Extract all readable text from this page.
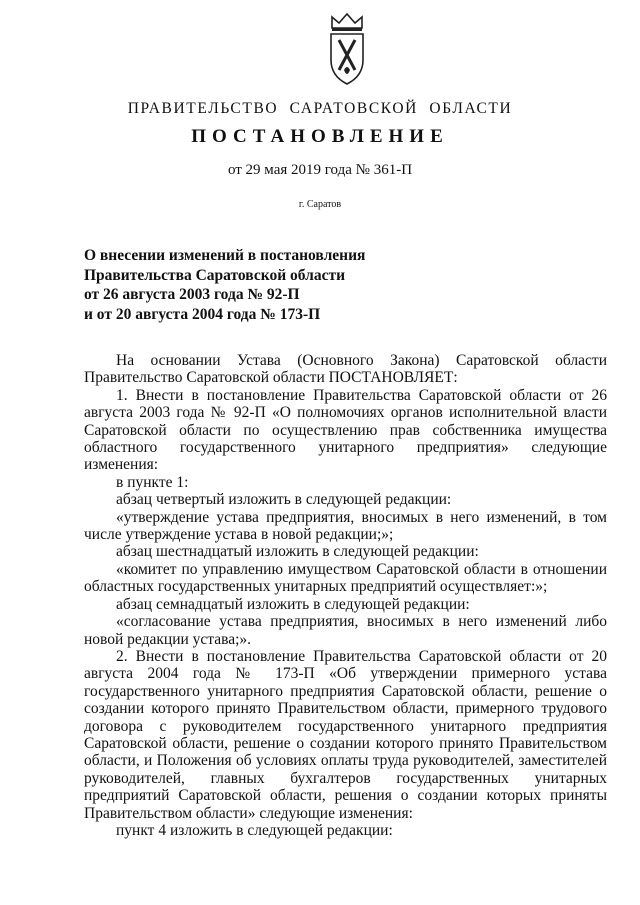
ПРАВИТЕЛЬСТВО САРАТОВСКОЙ ОБЛАСТИ
ПОСТАНОВЛЕНИЕ
от 29 мая 2019 года № 361-П
г. Саратов
О внесении изменений в постановления
Правительства Саратовской области
от 26 августа 2003 года № 92-П
и от 20 августа 2004 года № 173-П

На основании Устава (Основного Закона) Саратовской области Правительство Саратовской области ПОСТАНОВЛЯЕТ:

1. Внести в постановление Правительства Саратовской области от 26 августа 2003 года № 92-П «О полномочиях органов исполнительной власти Саратовской области по осуществлению прав собственника имущества областного государственного унитарного предприятия» следующие изменения:

в пункте 1:

абзац четвертый изложить в следующей редакции:

«утверждение устава предприятия, вносимых в него изменений, в том числе утверждение устава в новой редакции;»;

абзац шестнадцатый изложить в следующей редакции:

«комитет по управлению имуществом Саратовской области в отношении областных государственных унитарных предприятий осуществляет:»;

абзац семнадцатый изложить в следующей редакции:

«согласование устава предприятия, вносимых в него изменений либо новой редакции устава;».

2. Внести в постановление Правительства Саратовской области от 20 августа 2004 года № 173-П «Об утверждении примерного устава государственного унитарного предприятия Саратовской области, решение о создании которого принято Правительством области, примерного трудового договора с руководителем государственного унитарного предприятия Саратовской области, решение о создании которого принято Правительством области, и Положения об условиях оплаты труда руководителей, заместителей руководителей, главных бухгалтеров государственных унитарных предприятий Саратовской области, решения о создании которых приняты Правительством области» следующие изменения:

пункт 4 изложить в следующей редакции:
